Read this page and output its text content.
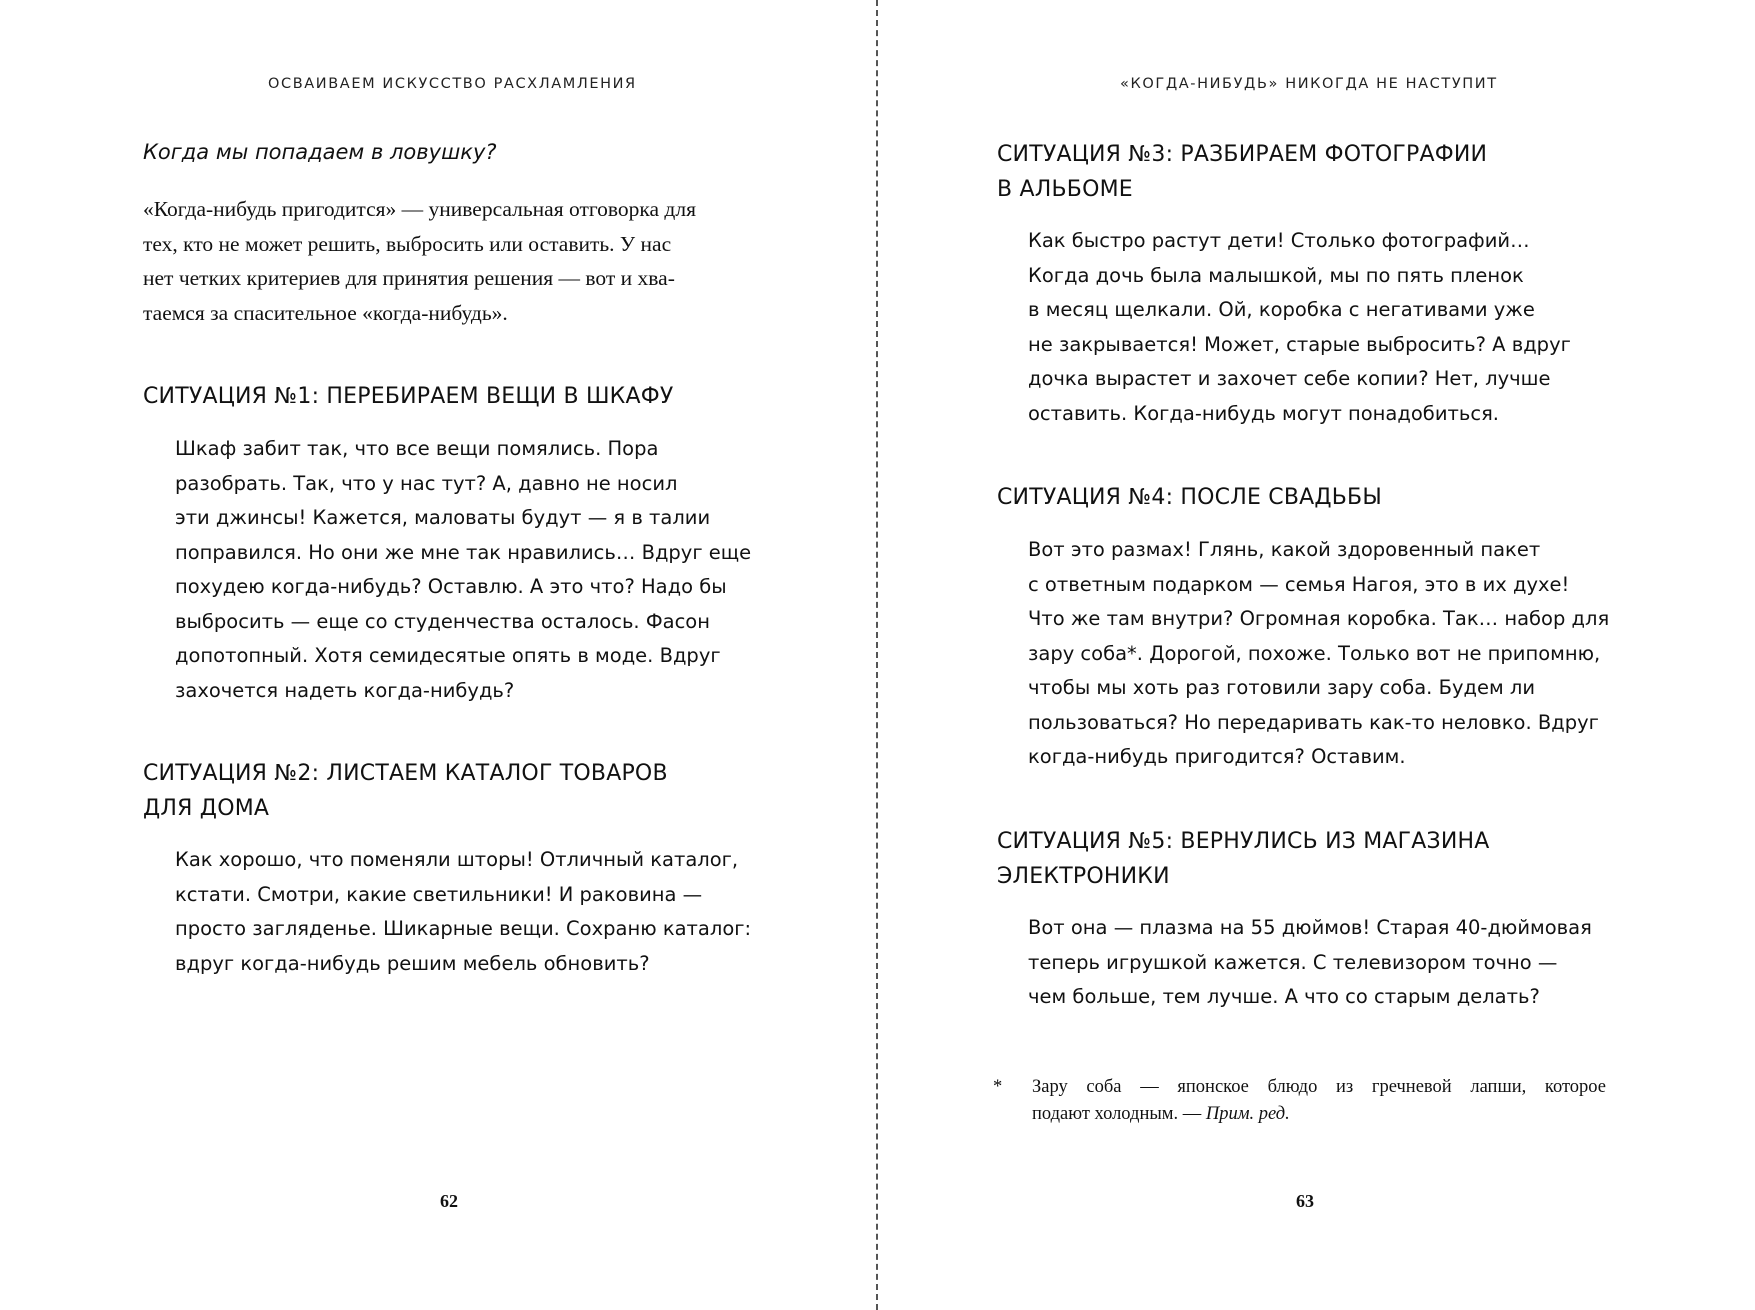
ОСВАИВАЕМ ИСКУССТВО РАСХЛАМЛЕНИЯ
Когда мы попадаем в ловушку?
«Когда-нибудь пригодится» — универсальная отговорка для
тех, кто не может решить, выбросить или оставить. У нас
нет четких критериев для принятия решения — вот и хва-
таемся за спасительное «когда-нибудь».
СИТУАЦИЯ №1: ПЕРЕБИРАЕМ ВЕЩИ В ШКАФУ
Шкаф забит так, что все вещи помялись. Пора
разобрать. Так, что у нас тут? А, давно не носил
эти джинсы! Кажется, маловаты будут — я в талии
поправился. Но они же мне так нравились… Вдруг еще
похудею когда-нибудь? Оставлю. А это что? Надо бы
выбросить — еще со студенчества осталось. Фасон
допотопный. Хотя семидесятые опять в моде. Вдруг
захочется надеть когда-нибудь?
СИТУАЦИЯ №2: ЛИСТАЕМ КАТАЛОГ ТОВАРОВ
ДЛЯ ДОМА
Как хорошо, что поменяли шторы! Отличный каталог,
кстати. Смотри, какие светильники! И раковина —
просто загляденье. Шикарные вещи. Сохраню каталог:
вдруг когда-нибудь решим мебель обновить?
62
«КОГДА-НИБУДЬ» НИКОГДА НЕ НАСТУПИТ
СИТУАЦИЯ №3: РАЗБИРАЕМ ФОТОГРАФИИ
В АЛЬБОМЕ
Как быстро растут дети! Столько фотографий…
Когда дочь была малышкой, мы по пять пленок
в месяц щелкали. Ой, коробка с негативами уже
не закрывается! Может, старые выбросить? А вдруг
дочка вырастет и захочет себе копии? Нет, лучше
оставить. Когда-нибудь могут понадобиться.
СИТУАЦИЯ №4: ПОСЛЕ СВАДЬБЫ
Вот это размах! Глянь, какой здоровенный пакет
с ответным подарком — семья Нагоя, это в их духе!
Что же там внутри? Огромная коробка. Так… набор для
зару соба*. Дорогой, похоже. Только вот не припомню,
чтобы мы хоть раз готовили зару соба. Будем ли
пользоваться? Но передаривать как-то неловко. Вдруг
когда-нибудь пригодится? Оставим.
СИТУАЦИЯ №5: ВЕРНУЛИСЬ ИЗ МАГАЗИНА
ЭЛЕКТРОНИКИ
Вот она — плазма на 55 дюймов! Старая 40-дюймовая
теперь игрушкой кажется. С телевизором точно —
чем больше, тем лучше. А что со старым делать?
* Зару соба — японское блюдо из гречневой лапши, которое
подают холодным. — Прим. ред.
63
